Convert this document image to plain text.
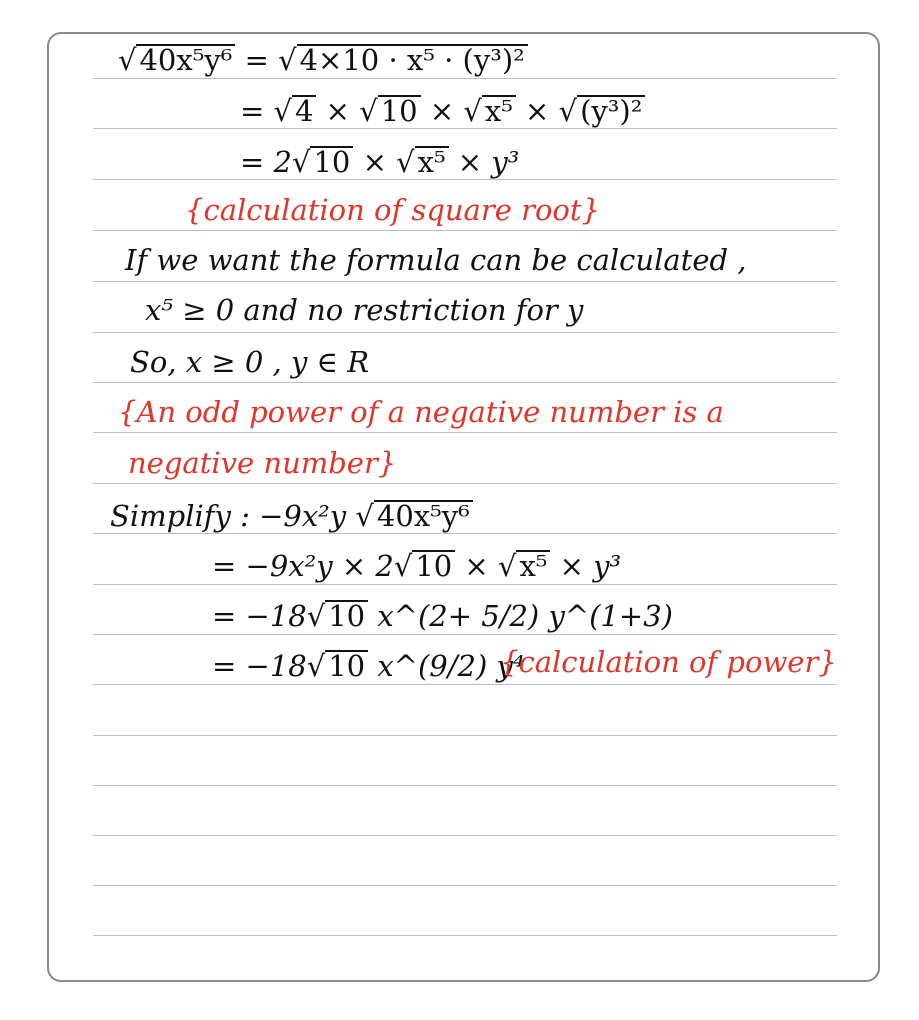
√ 40x⁵y⁶ = √ 4×10 · x⁵ · (y³)²
= √ 4 × √ 10 × √ x⁵ × √ (y³)²
= 2√ 10 × √ x⁵ × y³
{calculation of square root}
If we want the formula can be calculated ,
x⁵ ≥ 0 and no restriction for y
So, x ≥ 0 , y ∈ R
{An odd power of a negative number is a
negative number}
Simplify : −9x²y √ 40x⁵y⁶
= −9x²y × 2√ 10 × √ x⁵ × y³
= −18√ 10 x^(2+ 5/2) y^(1+3)
= −18√ 10 x^(9/2) y⁴
{calculation of power}
